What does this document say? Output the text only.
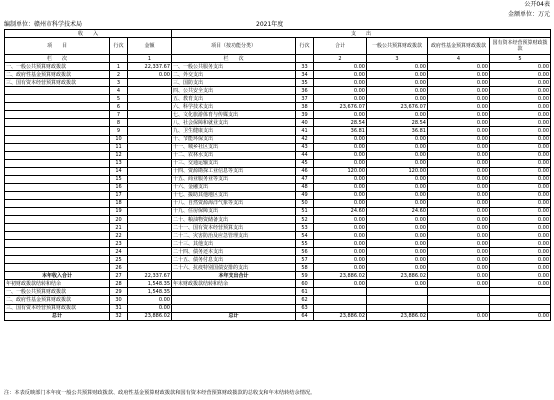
公开04表
金额单位：万元
编制单位：赣州市科学技术局	2021年度
收　　入			支　　出					
项　　目	行次	金额	项目（按功能分类）	行次	合计	一般公共预算财政拨款	政府性基金预算财政拨款	国有资本经营预算财政拨款
栏　　次		1	栏　　次		2	3	4	5
一、一般公共预算财政拨款	1	22,337.67	一、一般公共服务支出	33	0.00	0.00	0.00	0.00
二、政府性基金预算财政拨款	2	0.00	二、外交支出	34	0.00	0.00	0.00	0.00
三、国有资本经营预算财政拨款	3		三、国防支出	35	0.00	0.00	0.00	0.00
	4		四、公共安全支出	36	0.00	0.00	0.00	0.00
	5		五、教育支出	37	0.00	0.00	0.00	0.00
	6		六、科学技术支出	38	23,676.07	23,676.07	0.00	0.00
	7		七、文化旅游体育与传媒支出	39	0.00	0.00	0.00	0.00
	8		八、社会保障和就业支出	40	28.54	28.54	0.00	0.00
	9		九、卫生健康支出	41	36.81	36.81	0.00	0.00
	10		十、节能环保支出	42	0.00	0.00	0.00	0.00
	11		十一、城乡社区支出	43	0.00	0.00	0.00	0.00
	12		十二、农林水支出	44	0.00	0.00	0.00	0.00
	13		十三、交通运输支出	45	0.00	0.00	0.00	0.00
	14		十四、资源勘探工业信息等支出	46	120.00	120.00	0.00	0.00
	15		十五、商业服务业等支出	47	0.00	0.00	0.00	0.00
	16		十六、金融支出	48	0.00	0.00	0.00	0.00
	17		十七、援助其他地区支出	49	0.00	0.00	0.00	0.00
	18		十八、自然资源海洋气象等支出	50	0.00	0.00	0.00	0.00
	19		十九、住房保障支出	51	24.60	24.60	0.00	0.00
	20		二十、粮油物资储备支出	52	0.00	0.00	0.00	0.00
	21		二十一、国有资本经营预算支出	53	0.00	0.00	0.00	0.00
	22		二十二、灾害防治及应急管理支出	54	0.00	0.00	0.00	0.00
	23		二十三、其他支出	55	0.00	0.00	0.00	0.00
	24		二十四、债务还本支出	56	0.00	0.00	0.00	0.00
	25		二十五、债务付息支出	57	0.00	0.00	0.00	0.00
	26		二十六、抗疫特别国债安排的支出	58	0.00	0.00	0.00	0.00
本年收入合计	27	22,337.67	本年支出合计	59	23,886.02	23,886.02	0.00	0.00
年初财政拨款结转和结余	28	1,548.35	年末财政拨款结转和结余	60	0.00	0.00	0.00	0.00
一、一般公共预算财政拨款	29	1,548.35		61				
二、政府性基金预算财政拨款	30	0.00		62				
三、国有资本经营预算财政拨款	31	0.00		63				
总计	32	23,886.02	总计	64	23,886.02	23,886.02	0.00	0.00
注：本表反映部门本年度一般公共预算财政拨款、政府性基金预算财政拨款和国有资本经营预算财政拨款的总收支和年末结转结余情况。
